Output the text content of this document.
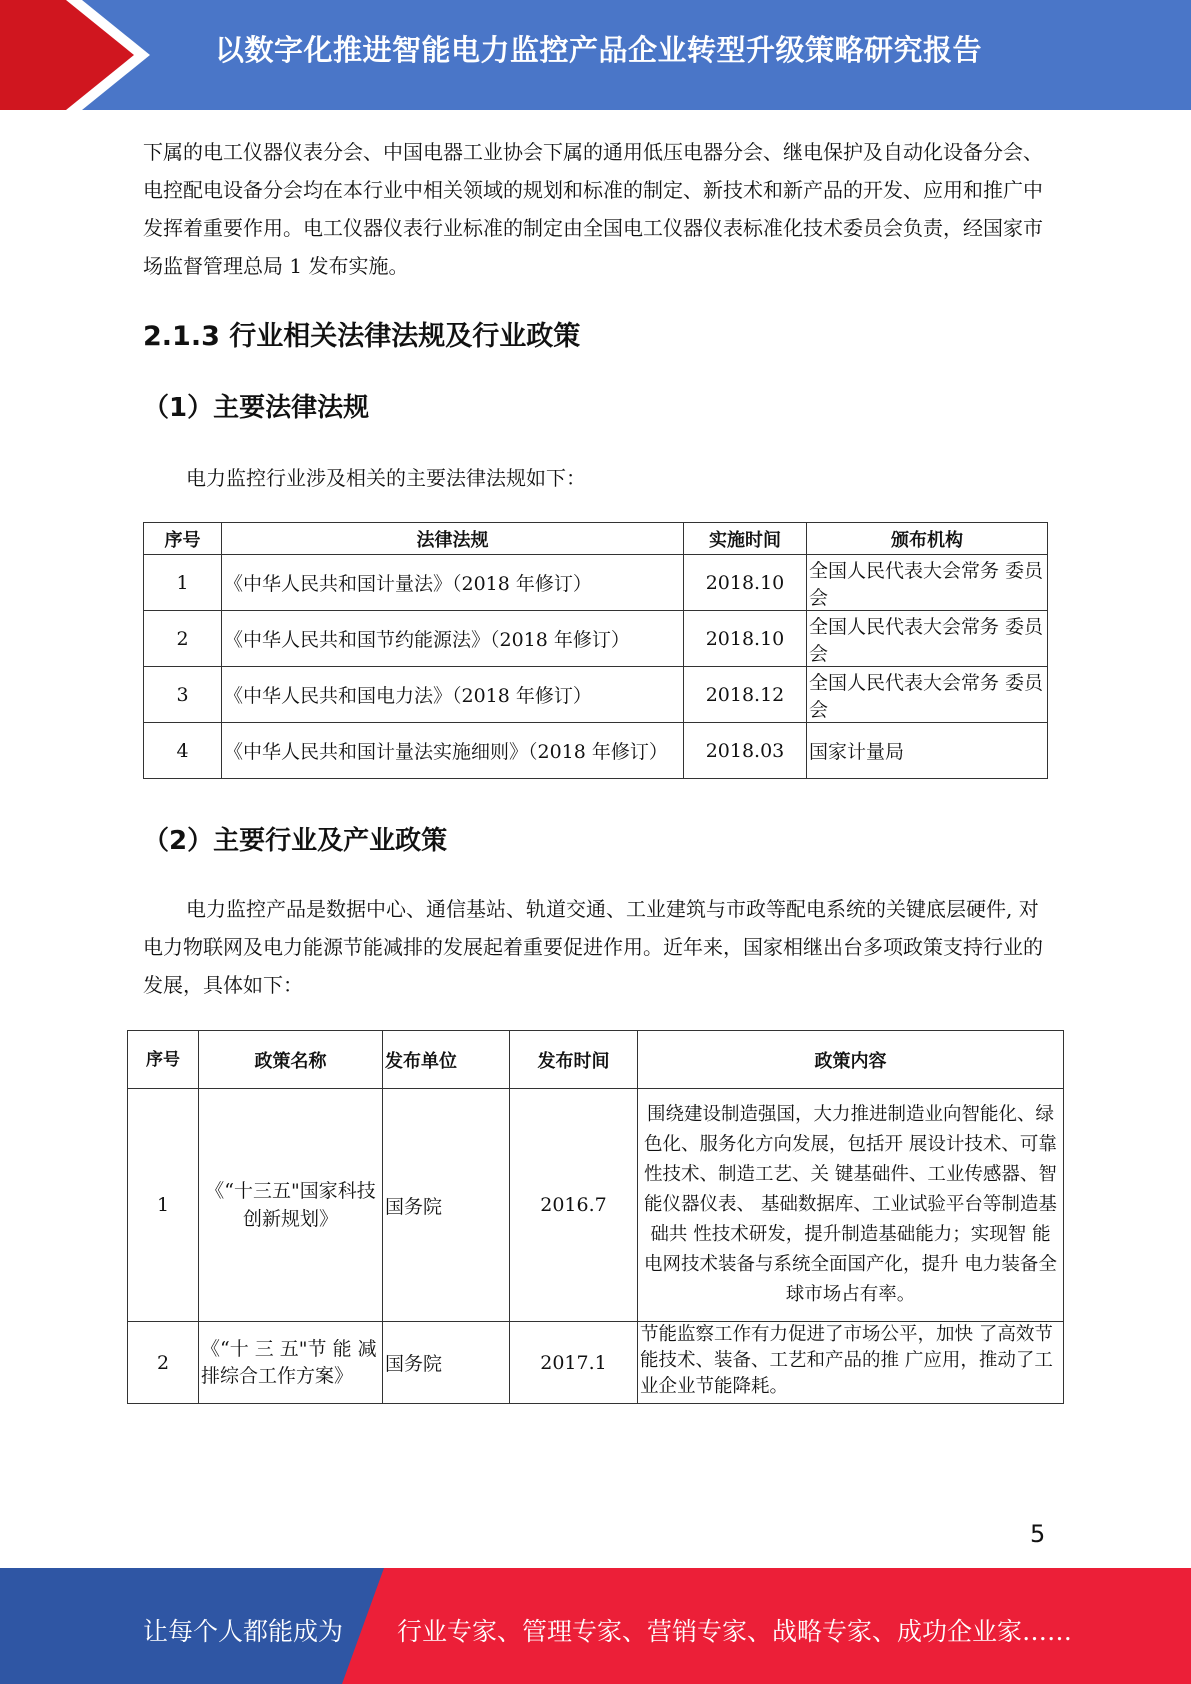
以数字化推进智能电力监控产品企业转型升级策略研究报告

下属的电工仪器仪表分会、中国电器工业协会下属的通用低压电器分会、继电保护及自动化设备分会、电控配电设备分会均在本行业中相关领域的规划和标准的制定、新技术和新产品的开发、应用和推广中发挥着重要作用。电工仪器仪表行业标准的制定由全国电工仪器仪表标准化技术委员会负责，经国家市场监督管理总局 1 发布实施。

2.1.3 行业相关法律法规及行业政策
（1）主要法律法规

电力监控行业涉及相关的主要法律法规如下：

序号	法律法规	实施时间	颁布机构
1	《中华人民共和国计量法》（2018 年修订）	2018.10	全国人民代表大会常务 委员会
2	《中华人民共和国节约能源法》（2018 年修订）	2018.10	全国人民代表大会常务 委员会
3	《中华人民共和国电力法》（2018 年修订）	2018.12	全国人民代表大会常务 委员会
4	《中华人民共和国计量法实施细则》（2018 年修订）	2018.03	国家计量局
（2）主要行业及产业政策

电力监控产品是数据中心、通信基站、轨道交通、工业建筑与市政等配电系统的关键底层硬件, 对电力物联网及电力能源节能减排的发展起着重要促进作用。近年来，国家相继出台多项政策支持行业的发展，具体如下：

序号	政策名称	发布单位	发布时间	政策内容
1	《“十三五"国家科技创新规划》	国务院	2016.7	围绕建设制造强国，大力推进制造业向智能化、绿色化、服务化方向发展，包括开 展设计技术、可靠性技术、制造工艺、关 键基础件、工业传感器、智能仪器仪表、 基础数据库、工业试验平台等制造基础共 性技术研发，提升制造基础能力；实现智 能电网技术装备与系统全面国产化，提升 电力装备全球市场占有率。
2	《“十 三 五"节 能 减排综合工作方案》	国务院	2017.1	节能监察工作有力促进了市场公平，加快 了高效节能技术、装备、工艺和产品的推 广应用，推动了工业企业节能降耗。
5
让每个人都能成为 行业专家、管理专家、营销专家、战略专家、成功企业家……
